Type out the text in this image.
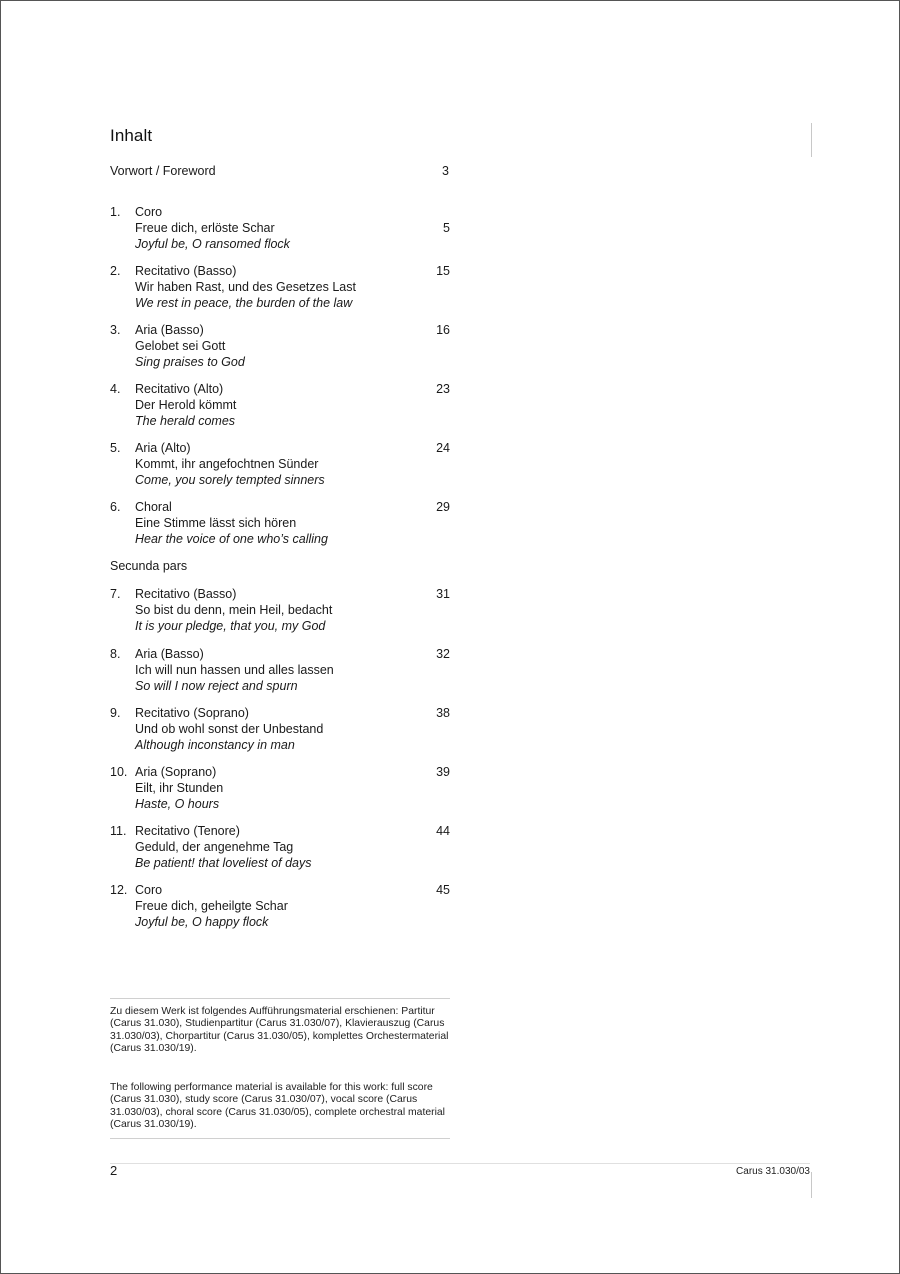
Inhalt
Vorwort / Foreword	3
1. Coro
Freue dich, erlöste Schar
Joyful be, O ransomed flock
5
2. Recitativo (Basso)
Wir haben Rast, und des Gesetzes Last
We rest in peace, the burden of the law
15
3. Aria (Basso)
Gelobet sei Gott
Sing praises to God
16
4. Recitativo (Alto)
Der Herold kömmt
The herald comes
23
5. Aria (Alto)
Kommt, ihr angefochtnen Sünder
Come, you sorely tempted sinners
24
6. Choral
Eine Stimme lässt sich hören
Hear the voice of one who’s calling
29
Secunda pars
7. Recitativo (Basso)
So bist du denn, mein Heil, bedacht
It is your pledge, that you, my God
31
8. Aria (Basso)
Ich will nun hassen und alles lassen
So will I now reject and spurn
32
9. Recitativo (Soprano)
Und ob wohl sonst der Unbestand
Although inconstancy in man
38
10. Aria (Soprano)
Eilt, ihr Stunden
Haste, O hours
39
11. Recitativo (Tenore)
Geduld, der angenehme Tag
Be patient! that loveliest of days
44
12. Coro
Freue dich, geheilgte Schar
Joyful be, O happy flock
45

Zu diesem Werk ist folgendes Aufführungsmaterial erschienen: Partitur (Carus 31.030), Studienpartitur (Carus 31.030/07), Klavierauszug (Carus 31.030/03), Chorpartitur (Carus 31.030/05), komplettes Orchestermaterial (Carus 31.030/19).

The following performance material is available for this work: full score (Carus 31.030), study score (Carus 31.030/07), vocal score (Carus 31.030/03), choral score (Carus 31.030/05), complete orchestral material (Carus 31.030/19).

2	Carus 31.030/03
